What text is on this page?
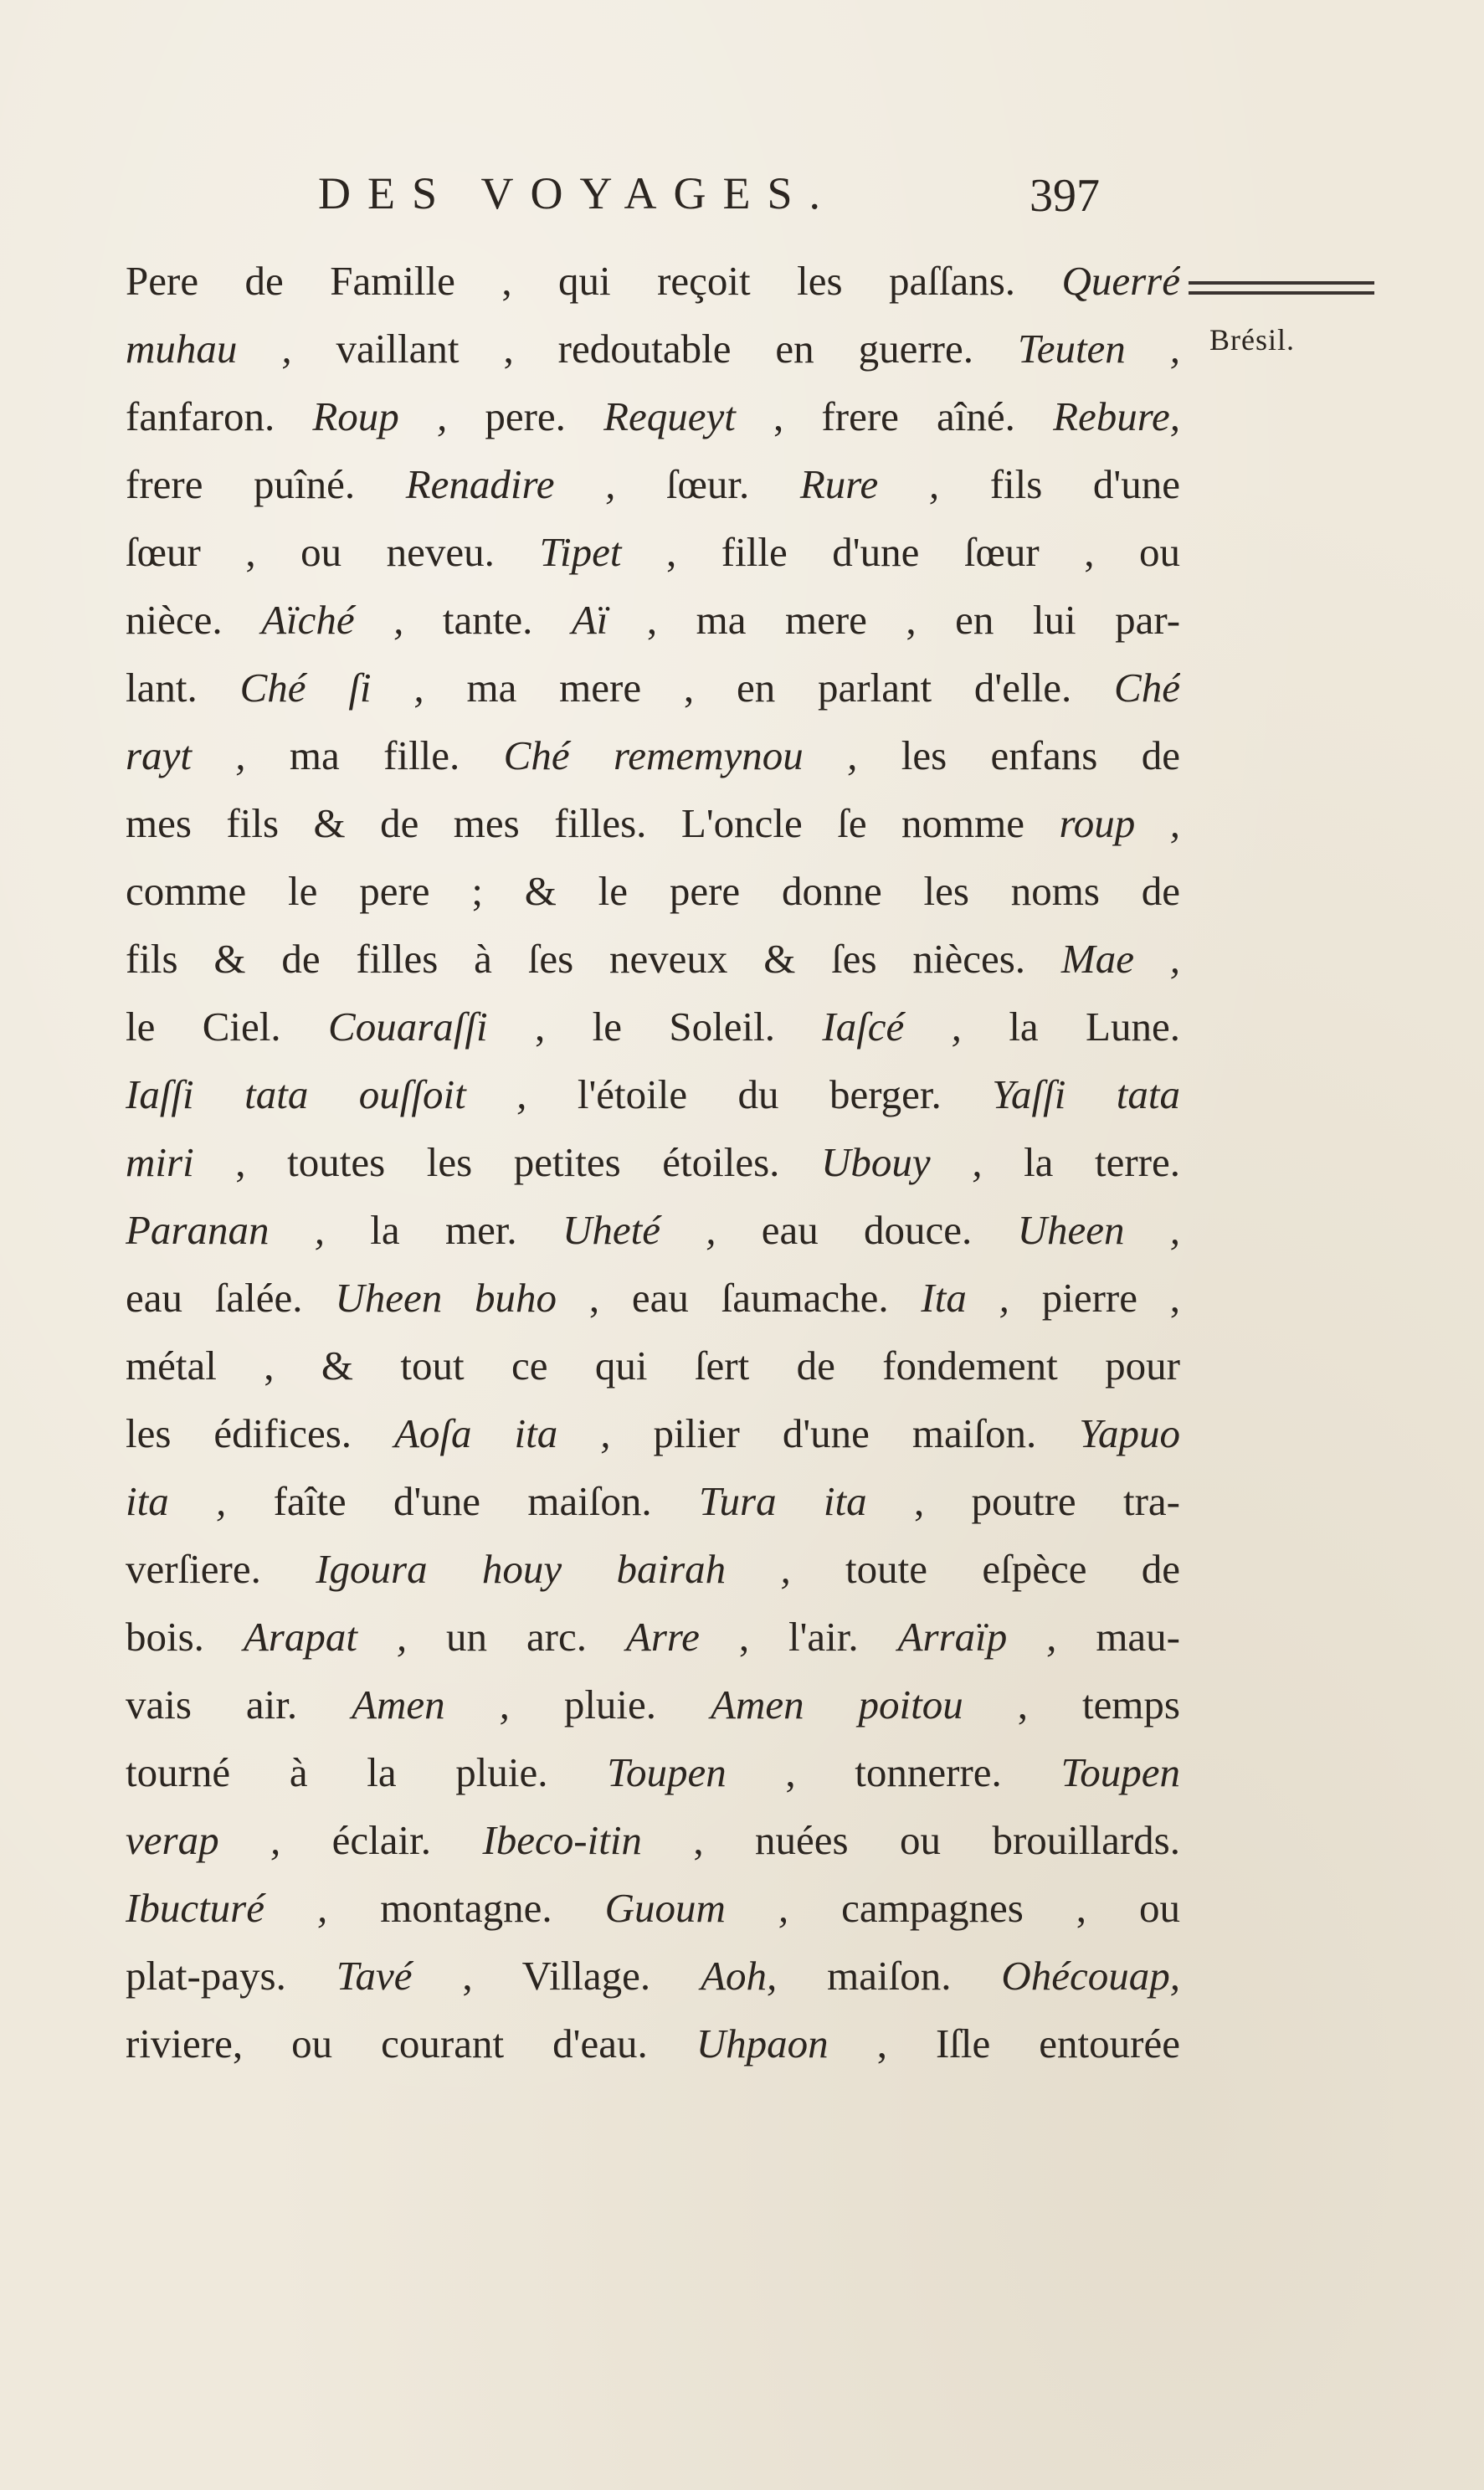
DES VOYAGES.	397
Brésil.
Pere de Famille , qui reçoit les paſſans. Querré
muhau , vaillant , redoutable en guerre. Teuten ,
fanfaron. Roup , pere. Requeyt , frere aîné. Rebure,
frere puîné. Renadire , ſœur. Rure , fils d'une
ſœur , ou neveu. Tipet , fille d'une ſœur , ou
nièce. Aïché , tante. Aï , ma mere , en lui par-
lant. Ché ſi , ma mere , en parlant d'elle. Ché
rayt , ma fille. Ché rememynou , les enfans de
mes fils & de mes filles. L'oncle ſe nomme roup ,
comme le pere ; & le pere donne les noms de
fils & de filles à ſes neveux & ſes nièces. Mae ,
le Ciel. Couaraſſi , le Soleil. Iaſcé , la Lune.
Iaſſi tata ouſſoit , l'étoile du berger. Yaſſi tata
miri , toutes les petites étoiles. Ubouy , la terre.
Paranan , la mer. Uheté , eau douce. Uheen ,
eau ſalée. Uheen buho , eau ſaumache. Ita , pierre ,
métal , & tout ce qui ſert de fondement pour
les édifices. Aoſa ita , pilier d'une maiſon. Yapuo
ita , faîte d'une maiſon. Tura ita , poutre tra-
verſiere. Igoura houy bairah , toute eſpèce de
bois. Arapat , un arc. Arre , l'air. Arraïp , mau-
vais air. Amen , pluie. Amen poitou , temps
tourné à la pluie. Toupen , tonnerre. Toupen
verap , éclair. Ibeco-itin , nuées ou brouillards.
Ibucturé , montagne. Guoum , campagnes , ou
plat-pays. Tavé , Village. Aoh, maiſon. Ohécouap,
riviere, ou courant d'eau. Uhpaon , Iſle entourée
